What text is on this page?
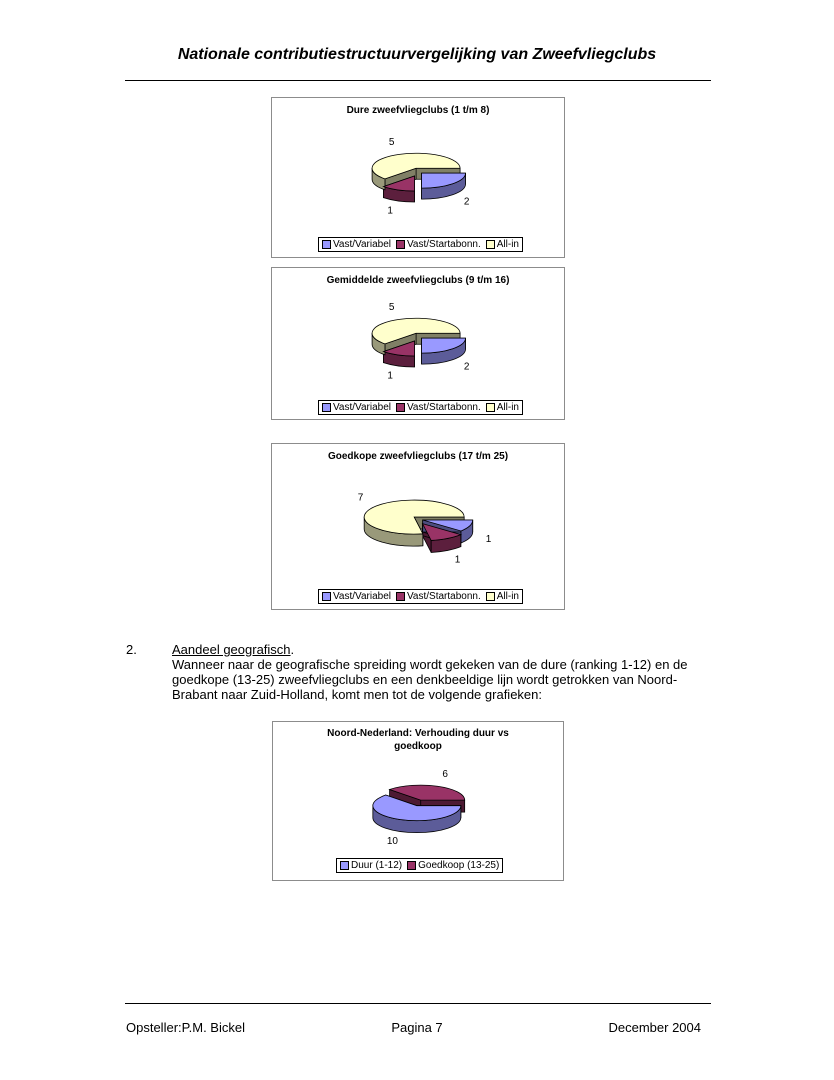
Nationale contributiestructuurvergelijking van Zweefvliegclubs
Dure zweefvliegclubs (1 t/m 8)
2
1
5
Vast/Variabel Vast/Startabonn. All-in
Gemiddelde zweefvliegclubs (9 t/m 16)
2
1
5
Vast/Variabel Vast/Startabonn. All-in
Goedkope zweefvliegclubs (17 t/m 25)
1
1
7
Vast/Variabel Vast/Startabonn. All-in
2.	Aandeel geografisch.
Wanneer naar de geografische spreiding wordt gekeken van de dure (ranking 1-12) en de
goedkope (13-25) zweefvliegclubs en een denkbeeldige lijn wordt getrokken van Noord-
Brabant naar Zuid-Holland, komt men tot de volgende grafieken:
Noord-Nederland: Verhouding duur vs goedkoop
10
6
Duur (1-12) Goedkoop (13-25)
Opsteller:P.M. Bickel	Pagina 7	December 2004
